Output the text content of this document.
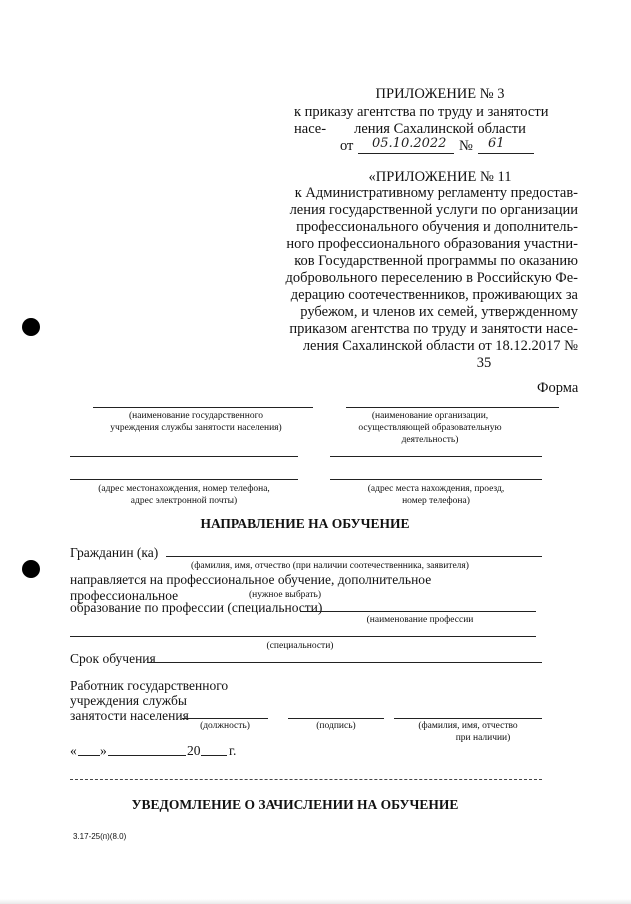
ПРИЛОЖЕНИЕ № 3
к приказу агентства по труду и занятости насе-	ления Сахалинской области
от 05.10.2022 № 61
«ПРИЛОЖЕНИЕ № 11
к Административному регламенту предостав-
ления государственной услуги по организации
профессионального обучения и дополнитель-
ного профессионального образования участни-
ков Государственной программы по оказанию
добровольного переселению в Российскую Фе-
дерацию соотечественников, проживающих за
рубежом, и членов их семей, утвержденному
приказом агентства по труду и занятости насе-
ления Сахалинской области от 18.12.2017 №
35
Форма
(наименование государственного
учреждения службы занятости населения)
(наименование организации,
осуществляющей образовательную
деятельность)
(адрес местонахождения, номер телефона,
адрес электронной почты)
(адрес места нахождения, проезд,
номер телефона)
НАПРАВЛЕНИЕ НА ОБУЧЕНИЕ
Гражданин (ка)
(фамилия, имя, отчество (при наличии соотечественника, заявителя)
направляется на профессиональное обучение, дополнительное профессиональное	(нужное выбрать)
образование по профессии (специальности)
(наименование профессии
(специальности)
Срок обучения
Работник государственного
учреждения службы
занятости населения
(должность)	(подпись)	(фамилия, имя, отчество
при наличии)
« »	20 г.
УВЕДОМЛЕНИЕ О ЗАЧИСЛЕНИИ НА ОБУЧЕНИЕ
3.17-25(п)(8.0)
